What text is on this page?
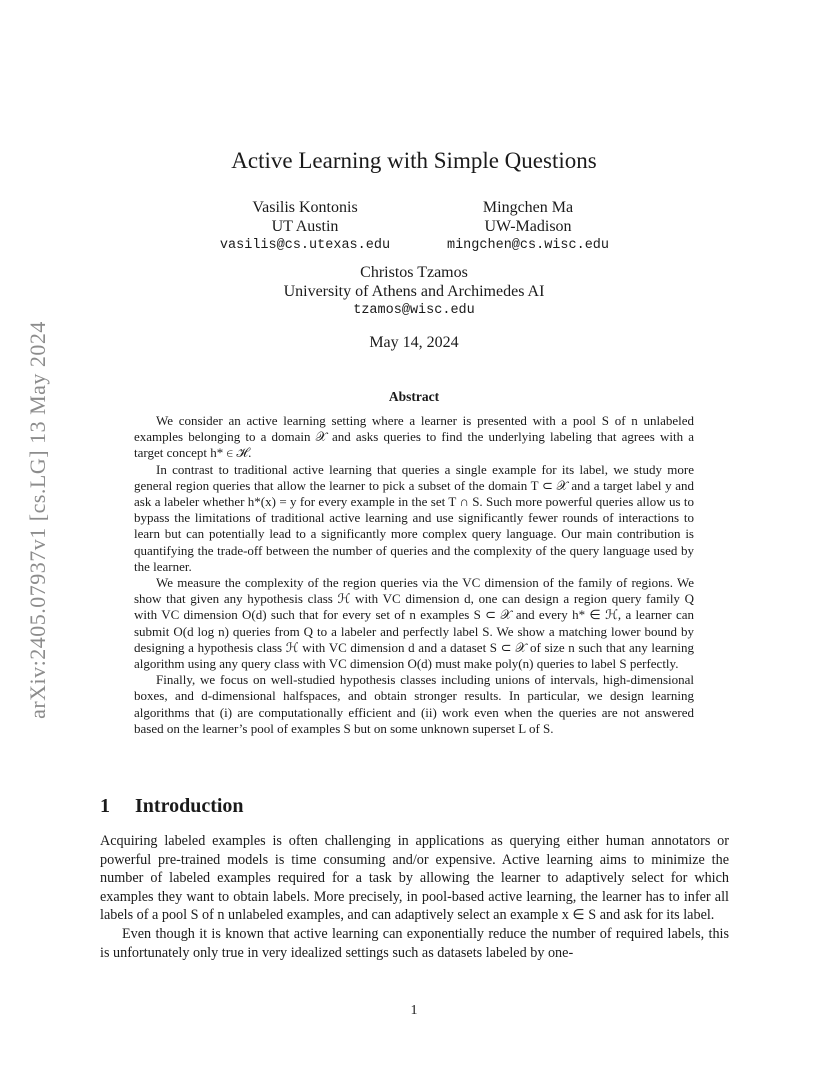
arXiv:2405.07937v1 [cs.LG] 13 May 2024
Active Learning with Simple Questions
Vasilis Kontonis
UT Austin
vasilis@cs.utexas.edu
Mingchen Ma
UW-Madison
mingchen@cs.wisc.edu
Christos Tzamos
University of Athens and Archimedes AI
tzamos@wisc.edu
May 14, 2024
Abstract

We consider an active learning setting where a learner is presented with a pool S of n unlabeled examples belonging to a domain 𝒳 and asks queries to find the underlying labeling that agrees with a target concept h* ∈ ℋ.

In contrast to traditional active learning that queries a single example for its label, we study more general region queries that allow the learner to pick a subset of the domain T ⊂ 𝒳 and a target label y and ask a labeler whether h*(x) = y for every example in the set T ∩ S. Such more powerful queries allow us to bypass the limitations of traditional active learning and use significantly fewer rounds of interactions to learn but can potentially lead to a significantly more complex query language. Our main contribution is quantifying the trade-off between the number of queries and the complexity of the query language used by the learner.

We measure the complexity of the region queries via the VC dimension of the family of regions. We show that given any hypothesis class ℋ with VC dimension d, one can design a region query family Q with VC dimension O(d) such that for every set of n examples S ⊂ 𝒳 and every h* ∈ ℋ, a learner can submit O(d log n) queries from Q to a labeler and perfectly label S. We show a matching lower bound by designing a hypothesis class ℋ with VC dimension d and a dataset S ⊂ 𝒳 of size n such that any learning algorithm using any query class with VC dimension O(d) must make poly(n) queries to label S perfectly.

Finally, we focus on well-studied hypothesis classes including unions of intervals, high-dimensional boxes, and d-dimensional halfspaces, and obtain stronger results. In particular, we design learning algorithms that (i) are computationally efficient and (ii) work even when the queries are not answered based on the learner’s pool of examples S but on some unknown superset L of S.

1 Introduction

Acquiring labeled examples is often challenging in applications as querying either human annotators or powerful pre-trained models is time consuming and/or expensive. Active learning aims to minimize the number of labeled examples required for a task by allowing the learner to adaptively select for which examples they want to obtain labels. More precisely, in pool-based active learning, the learner has to infer all labels of a pool S of n unlabeled examples, and can adaptively select an example x ∈ S and ask for its label.

Even though it is known that active learning can exponentially reduce the number of required labels, this is unfortunately only true in very idealized settings such as datasets labeled by one-

1
